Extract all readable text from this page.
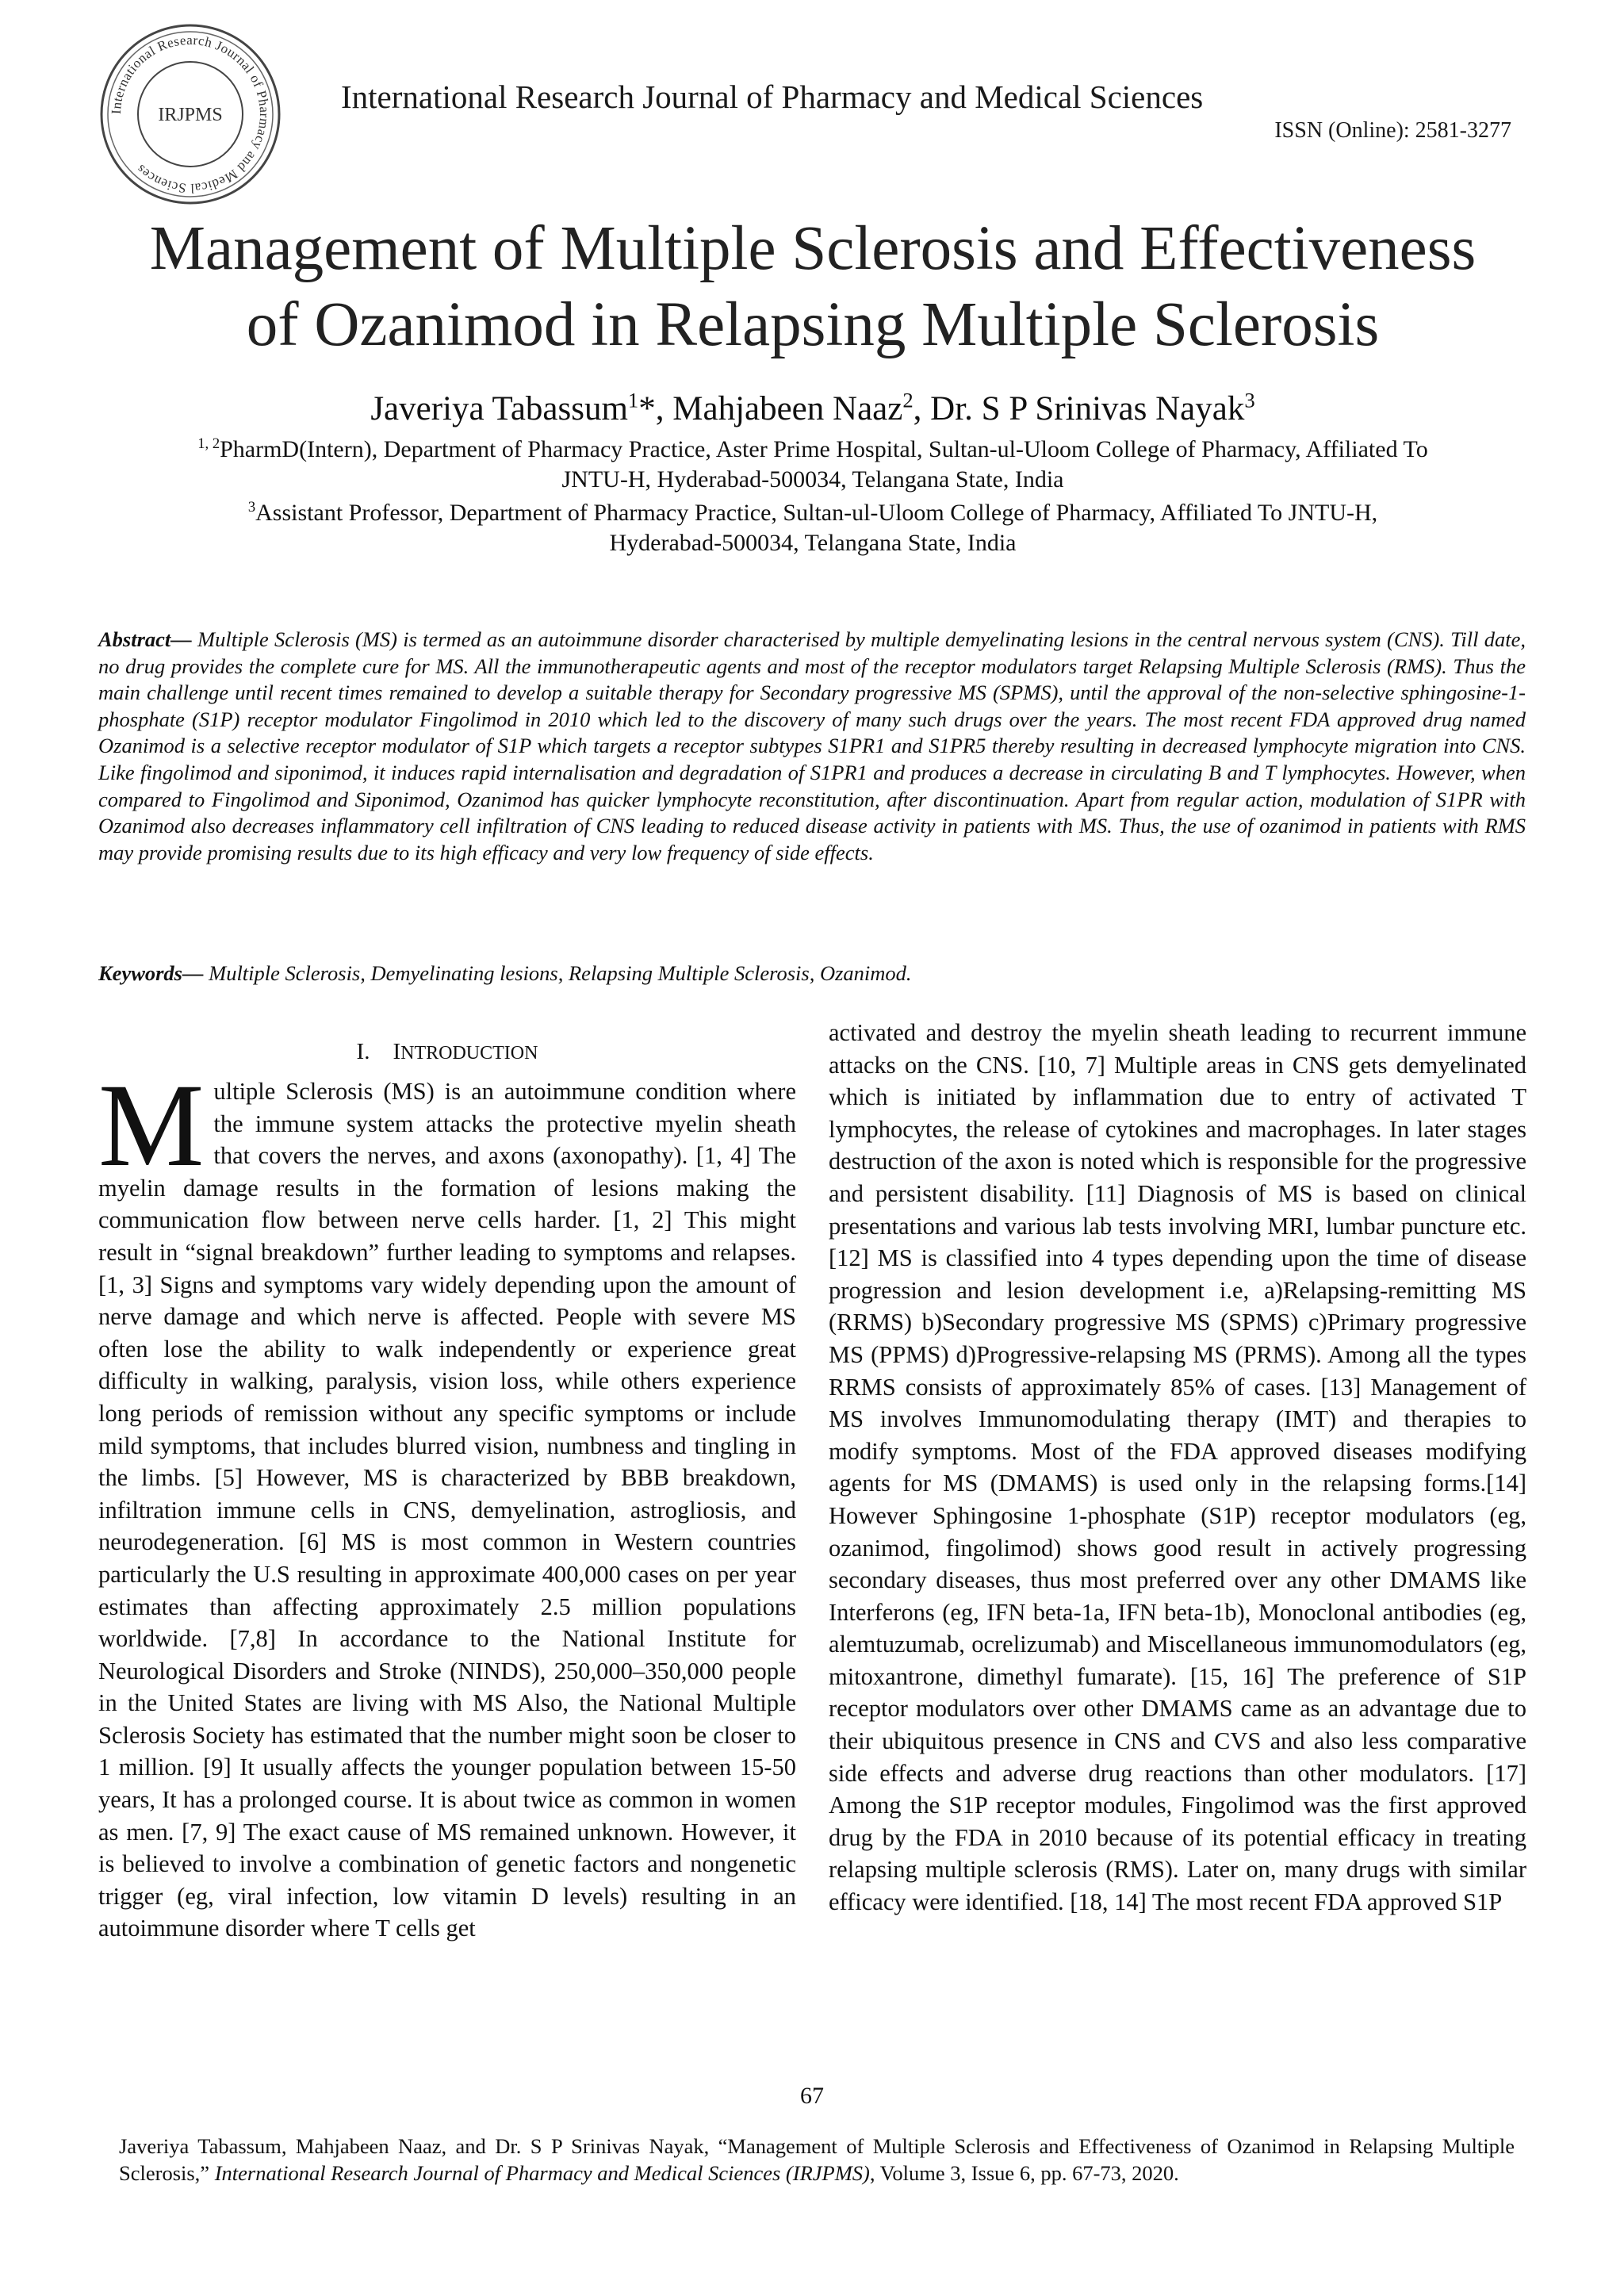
International Research Journal of Pharmacy and Medical Sciences
IRJPMS	International Research Journal of Pharmacy and Medical Sciences
ISSN (Online): 2581-3277
Management of Multiple Sclerosis and Effectiveness
of Ozanimod in Relapsing Multiple Sclerosis
Javeriya Tabassum$^1$*, Mahjabeen Naaz$^2$, Dr. S P Srinivas Nayak$^3$
$^{1, 2}$PharmD(Intern), Department of Pharmacy Practice, Aster Prime Hospital, Sultan-ul-Uloom College of Pharmacy, Affiliated To
JNTU-H, Hyderabad-500034, Telangana State, India
$^3$Assistant Professor, Department of Pharmacy Practice, Sultan-ul-Uloom College of Pharmacy, Affiliated To JNTU-H,
Hyderabad-500034, Telangana State, India
Abstract— Multiple Sclerosis (MS) is termed as an autoimmune disorder characterised by multiple demyelinating lesions in the central nervous system (CNS). Till date, no drug provides the complete cure for MS. All the immunotherapeutic agents and most of the receptor modulators target Relapsing Multiple Sclerosis (RMS). Thus the main challenge until recent times remained to develop a suitable therapy for Secondary progressive MS (SPMS), until the approval of the non-selective sphingosine-1-phosphate (S1P) receptor modulator Fingolimod in 2010 which led to the discovery of many such drugs over the years. The most recent FDA approved drug named Ozanimod is a selective receptor modulator of S1P which targets a receptor subtypes S1PR1 and S1PR5 thereby resulting in decreased lymphocyte migration into CNS. Like fingolimod and siponimod, it induces rapid internalisation and degradation of S1PR1 and produces a decrease in circulating B and T lymphocytes. However, when compared to Fingolimod and Siponimod, Ozanimod has quicker lymphocyte reconstitution, after discontinuation. Apart from regular action, modulation of S1PR with Ozanimod also decreases inflammatory cell infiltration of CNS leading to reduced disease activity in patients with MS. Thus, the use of ozanimod in patients with RMS may provide promising results due to its high efficacy and very low frequency of side effects.
Keywords— Multiple Sclerosis, Demyelinating lesions, Relapsing Multiple Sclerosis, Ozanimod.
I. INTRODUCTION
Multiple Sclerosis (MS) is an autoimmune condition where the immune system attacks the protective myelin sheath that covers the nerves, and axons (axonopathy). [1, 4] The myelin damage results in the formation of lesions making the communication flow between nerve cells harder. [1, 2] This might result in “signal breakdown” further leading to symptoms and relapses. [1, 3] Signs and symptoms vary widely depending upon the amount of nerve damage and which nerve is affected. People with severe MS often lose the ability to walk independently or experience great difficulty in walking, paralysis, vision loss, while others experience long periods of remission without any specific symptoms or include mild symptoms, that includes blurred vision, numbness and tingling in the limbs. [5] However, MS is characterized by BBB breakdown, infiltration immune cells in CNS, demyelination, astrogliosis, and neurodegeneration. [6] MS is most common in Western countries particularly the U.S resulting in approximate 400,000 cases on per year estimates than affecting approximately 2.5 million populations worldwide. [7,8] In accordance to the National Institute for Neurological Disorders and Stroke (NINDS), 250,000–350,000 people in the United States are living with MS Also, the National Multiple Sclerosis Society has estimated that the number might soon be closer to 1 million. [9] It usually affects the younger population between 15-50 years, It has a prolonged course. It is about twice as common in women as men. [7, 9] The exact cause of MS remained unknown. However, it is believed to involve a combination of genetic factors and nongenetic trigger (eg, viral infection, low vitamin D levels) resulting in an autoimmune disorder where T cells get
activated and destroy the myelin sheath leading to recurrent immune attacks on the CNS. [10, 7] Multiple areas in CNS gets demyelinated which is initiated by inflammation due to entry of activated T lymphocytes, the release of cytokines and macrophages. In later stages destruction of the axon is noted which is responsible for the progressive and persistent disability. [11] Diagnosis of MS is based on clinical presentations and various lab tests involving MRI, lumbar puncture etc. [12] MS is classified into 4 types depending upon the time of disease progression and lesion development i.e, a)Relapsing-remitting MS (RRMS) b)Secondary progressive MS (SPMS) c)Primary progressive MS (PPMS) d)Progressive-relapsing MS (PRMS). Among all the types RRMS consists of approximately 85% of cases. [13] Management of MS involves Immunomodulating therapy (IMT) and therapies to modify symptoms. Most of the FDA approved diseases modifying agents for MS (DMAMS) is used only in the relapsing forms.[14] However Sphingosine 1-phosphate (S1P) receptor modulators (eg, ozanimod, fingolimod) shows good result in actively progressing secondary diseases, thus most preferred over any other DMAMS like Interferons (eg, IFN beta-1a, IFN beta-1b), Monoclonal antibodies (eg, alemtuzumab, ocrelizumab) and Miscellaneous immunomodulators (eg, mitoxantrone, dimethyl fumarate). [15, 16] The preference of S1P receptor modulators over other DMAMS came as an advantage due to their ubiquitous presence in CNS and CVS and also less comparative side effects and adverse drug reactions than other modulators. [17] Among the S1P receptor modules, Fingolimod was the first approved drug by the FDA in 2010 because of its potential efficacy in treating relapsing multiple sclerosis (RMS). Later on, many drugs with similar efficacy were identified. [18, 14] The most recent FDA approved S1P
67
Javeriya Tabassum, Mahjabeen Naaz, and Dr. S P Srinivas Nayak, “Management of Multiple Sclerosis and Effectiveness of Ozanimod in Relapsing Multiple Sclerosis,” International Research Journal of Pharmacy and Medical Sciences (IRJPMS), Volume 3, Issue 6, pp. 67-73, 2020.
